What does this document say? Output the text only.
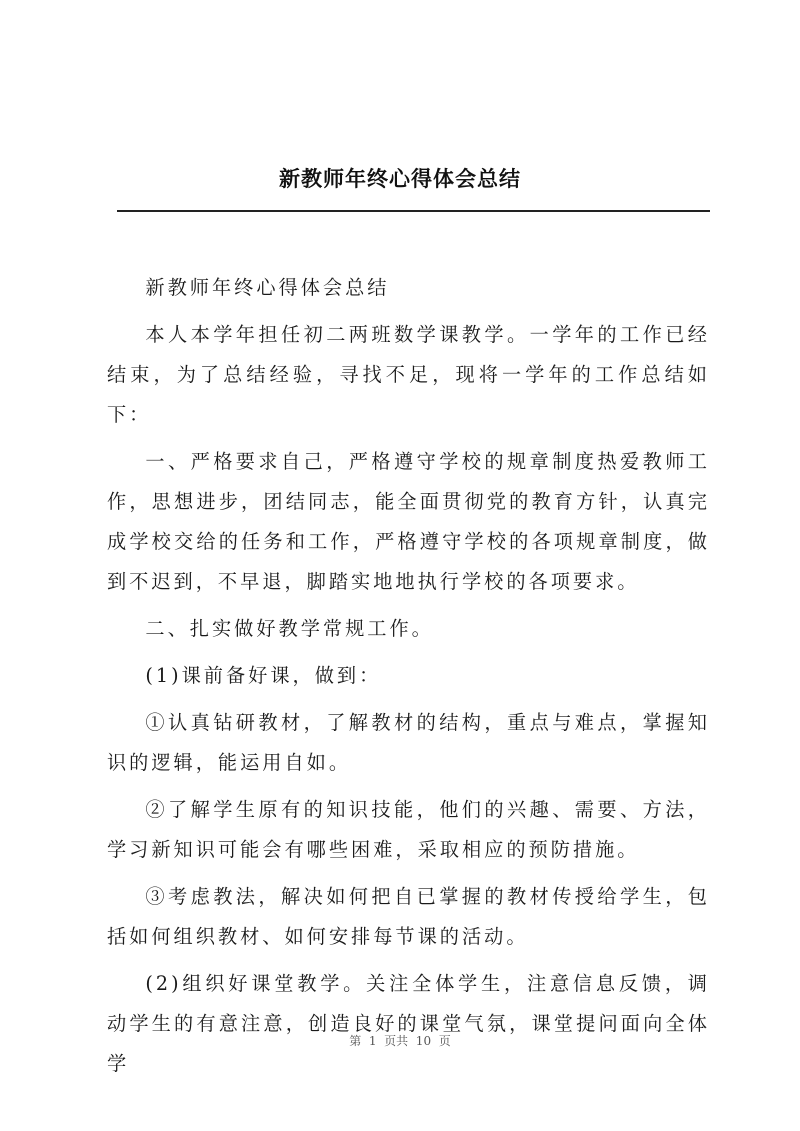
新教师年终心得体会总结

新教师年终心得体会总结

本人本学年担任初二两班数学课教学。一学年的工作已经结束，为了总结经验，寻找不足，现将一学年的工作总结如下：

一、严格要求自己，严格遵守学校的规章制度热爱教师工作，思想进步，团结同志，能全面贯彻党的教育方针，认真完成学校交给的任务和工作，严格遵守学校的各项规章制度，做到不迟到，不早退，脚踏实地地执行学校的各项要求。

二、扎实做好教学常规工作。

(1)课前备好课，做到：

①认真钻研教材，了解教材的结构，重点与难点，掌握知识的逻辑，能运用自如。

②了解学生原有的知识技能，他们的兴趣、需要、方法，学习新知识可能会有哪些困难，采取相应的预防措施。

③考虑教法，解决如何把自已掌握的教材传授给学生，包括如何组织教材、如何安排每节课的活动。

(2)组织好课堂教学。关注全体学生，注意信息反馈，调动学生的有意注意，创造良好的课堂气氛，课堂提问面向全体学

第  1  页共  10  页
